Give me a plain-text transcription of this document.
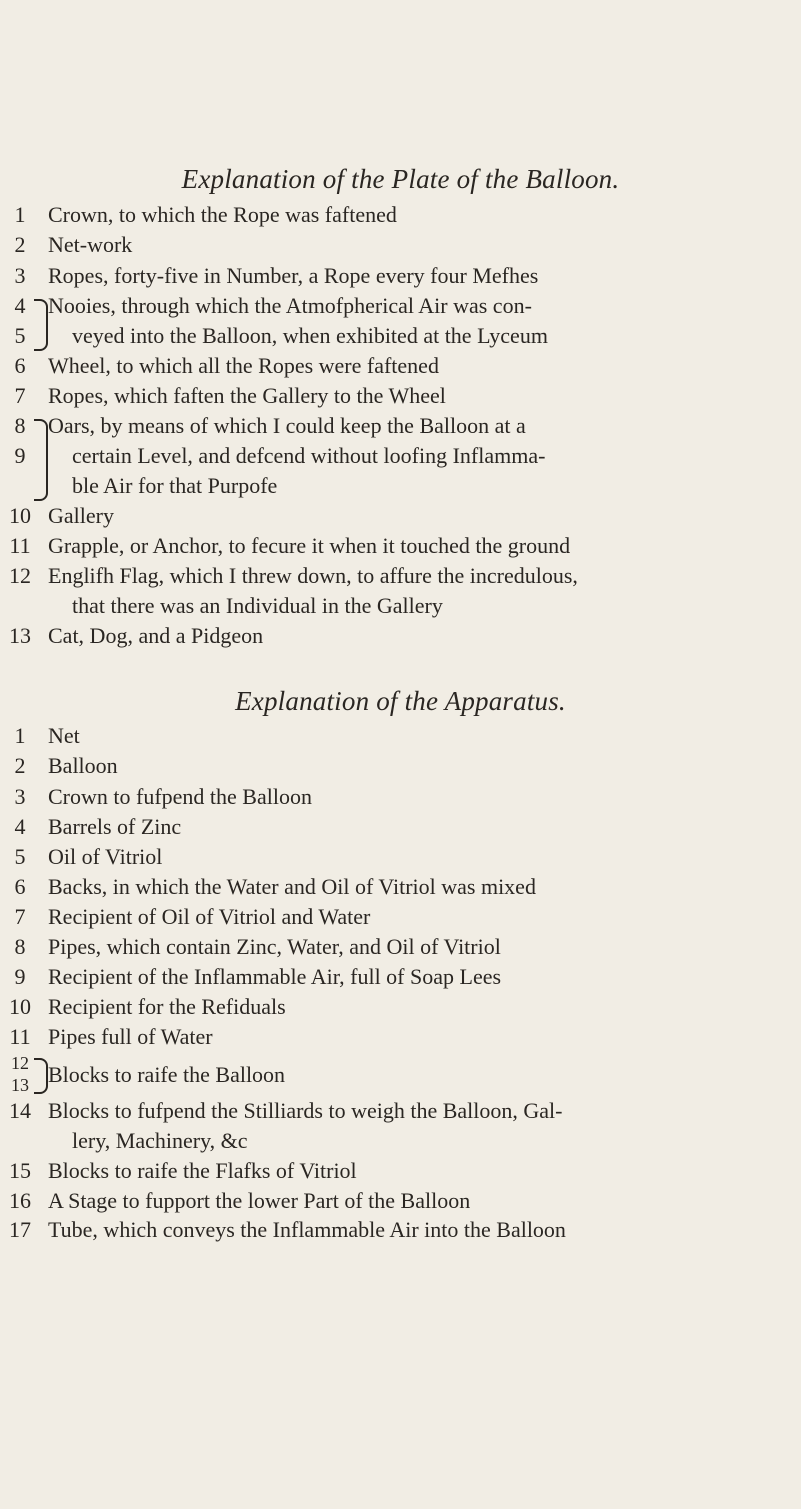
Explanation of the Plate of the Balloon.
1 Crown, to which the Rope was faftened
2 Net-work
3 Ropes, forty-five in Number, a Rope every four Mefhes
4 Nooies, through which the Atmofpherical Air was con-
5 veyed into the Balloon, when exhibited at the Lyceum
6 Wheel, to which all the Ropes were faftened
7 Ropes, which faften the Gallery to the Wheel
8 Oars, by means of which I could keep the Balloon at a
9 certain Level, and defcend without loofing Inflamma-
ble Air for that Purpofe
10 Gallery
11 Grapple, or Anchor, to fecure it when it touched the ground
12 Englifh Flag, which I threw down, to affure the incredulous,
that there was an Individual in the Gallery
13 Cat, Dog, and a Pidgeon
Explanation of the Apparatus.
1 Net
2 Balloon
3 Crown to fufpend the Balloon
4 Barrels of Zinc
5 Oil of Vitriol
6 Backs, in which the Water and Oil of Vitriol was mixed
7 Recipient of Oil of Vitriol and Water
8 Pipes, which contain Zinc, Water, and Oil of Vitriol
9 Recipient of the Inflammable Air, full of Soap Lees
10 Recipient for the Refiduals
11 Pipes full of Water
12
13 Blocks to raife the Balloon
14 Blocks to fufpend the Stilliards to weigh the Balloon, Gal-
lery, Machinery, &c
15 Blocks to raife the Flafks of Vitriol
16 A Stage to fupport the lower Part of the Balloon
17 Tube, which conveys the Inflammable Air into the Balloon
